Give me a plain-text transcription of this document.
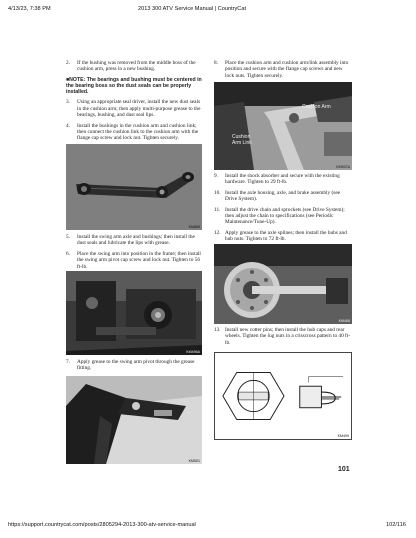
4/13/23, 7:38 PM	2013 300 ATV Service Manual | CountryCat
2. If the bushing was removed from the middle boss of the cushion arm, press in a new bushing.
■NOTE: The bearings and bushing must be centered in the bearing boss so the dust seals can be properly installed.
3. Using an appropriate seal driver, install the new dust seals in the cushion arm; then apply multi-purpose grease to the bearings, bushing, and dust seal lips.
4. Install the bushings in the cushion arm and cushion link; then connect the cushion link to the cushion arm with the flange cap screw and lock nut. Tighten securely.
KM669
5. Install the swing arm axle and bushings; then install the dust seals and lubricate the lips with grease.
6. Place the swing arm into position in the frame; then install the swing arm pivot cap screw and lock nut. Tighten to 56 ft-lb.
KM496A
7. Apply grease to the swing arm pivot through the grease fitting.
KM501
8. Place the cushion arm and cushion arm/link assembly into position and secure with the flange cap screws and new lock nuts. Tighten securely.
Cushion Arm
Cushion
Arm Link
KM537A
9. Install the shock absorber and secure with the existing hardware. Tighten to 29 ft-lb.
10. Install the axle housing, axle, and brake assembly (see Drive System).
11. Install the drive chain and sprockets (see Drive System); then adjust the chain to specifications (see Periodic Maintenance/Tune-Up).
12. Apply grease to the axle splines; then install the hubs and hub nuts. Tighten to 72 ft-lb.
KM468
13. Install new cotter pins; then install the hub caps and rear wheels. Tighten the lug nuts in a crisscross pattern to 40 ft-lb.
KM499
101
https://support.countrycat.com/posts/2805294-2013-300-atv-service-manual	102/116
